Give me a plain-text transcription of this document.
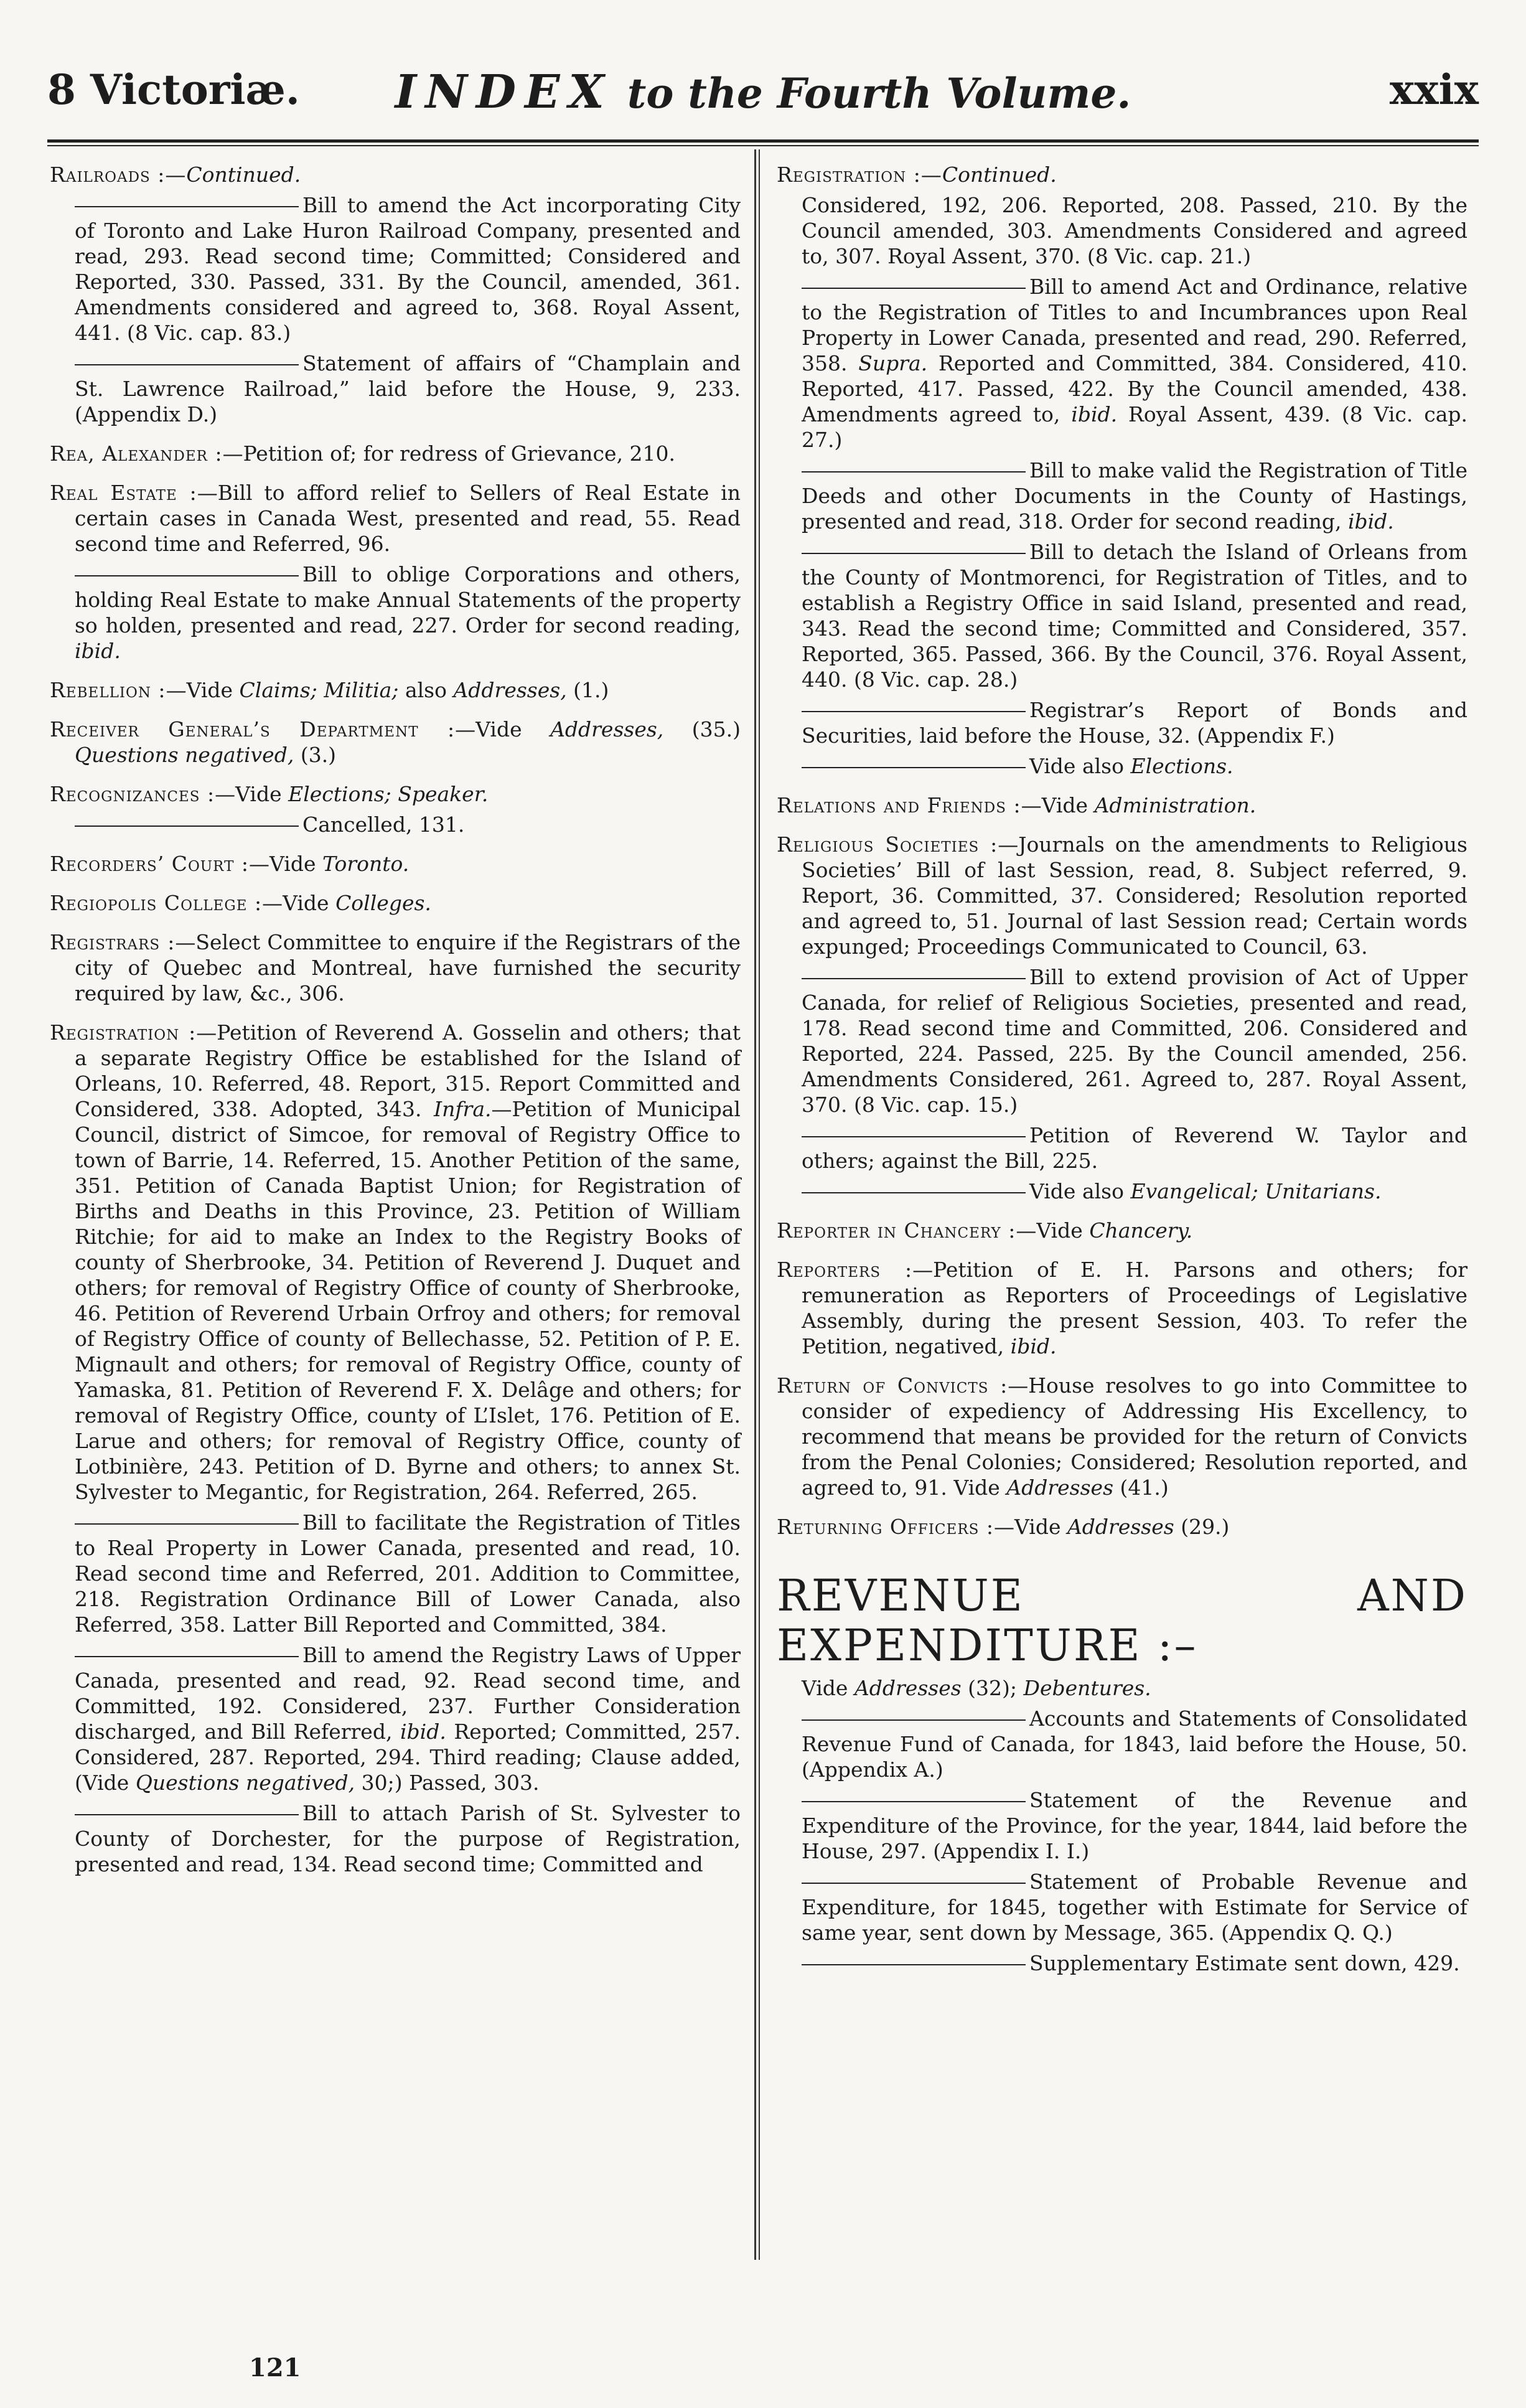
8 Victoriæ.	INDEX to the Fourth Volume.	xxix

Railroads :—Continued.

Bill to amend the Act incorporating City of Toronto and Lake Huron Railroad Company, presented and read, 293. Read second time; Committed; Considered and Reported, 330. Passed, 331. By the Council, amended, 361. Amendments considered and agreed to, 368. Royal Assent, 441. (8 Vic. cap. 83.)

Statement of affairs of “Champlain and St. Lawrence Railroad,” laid before the House, 9, 233. (Appendix D.)

Rea, Alexander :—Petition of; for redress of Grievance, 210.

Real Estate :—Bill to afford relief to Sellers of Real Estate in certain cases in Canada West, presented and read, 55. Read second time and Referred, 96.

Bill to oblige Corporations and others, holding Real Estate to make Annual Statements of the property so holden, presented and read, 227. Order for second reading, ibid.

Rebellion :—Vide Claims; Militia; also Addresses, (1.)

Receiver General’s Department :—Vide Addresses, (35.) Questions negatived, (3.)

Recognizances :—Vide Elections; Speaker.

Cancelled, 131.

Recorders’ Court :—Vide Toronto.

Regiopolis College :—Vide Colleges.

Registrars :—Select Committee to enquire if the Registrars of the city of Quebec and Montreal, have furnished the security required by law, &c., 306.

Registration :—Petition of Reverend A. Gosselin and others; that a separate Registry Office be established for the Island of Orleans, 10. Referred, 48. Report, 315. Report Committed and Considered, 338. Adopted, 343. Infra.—Petition of Municipal Council, district of Simcoe, for removal of Registry Office to town of Barrie, 14. Referred, 15. Another Petition of the same, 351. Petition of Canada Baptist Union; for Registration of Births and Deaths in this Province, 23. Petition of William Ritchie; for aid to make an Index to the Registry Books of county of Sherbrooke, 34. Petition of Reverend J. Duquet and others; for removal of Registry Office of county of Sherbrooke, 46. Petition of Reverend Urbain Orfroy and others; for removal of Registry Office of county of Bellechasse, 52. Petition of P. E. Mignault and others; for removal of Registry Office, county of Yamaska, 81. Petition of Reverend F. X. Delâge and others; for removal of Registry Office, county of L’Islet, 176. Petition of E. Larue and others; for removal of Registry Office, county of Lotbinière, 243. Petition of D. Byrne and others; to annex St. Sylvester to Megantic, for Registration, 264. Referred, 265.

Bill to facilitate the Registration of Titles to Real Property in Lower Canada, presented and read, 10. Read second time and Referred, 201. Addition to Committee, 218. Registration Ordinance Bill of Lower Canada, also Referred, 358. Latter Bill Reported and Committed, 384.

Bill to amend the Registry Laws of Upper Canada, presented and read, 92. Read second time, and Committed, 192. Considered, 237. Further Consideration discharged, and Bill Referred, ibid. Reported; Committed, 257. Considered, 287. Reported, 294. Third reading; Clause added, (Vide Questions negatived, 30;) Passed, 303.

Bill to attach Parish of St. Sylvester to County of Dorchester, for the purpose of Registration, presented and read, 134. Read second time; Committed and

121

Registration :—Continued.

Considered, 192, 206. Reported, 208. Passed, 210. By the Council amended, 303. Amendments Considered and agreed to, 307. Royal Assent, 370. (8 Vic. cap. 21.)

Bill to amend Act and Ordinance, relative to the Registration of Titles to and Incumbrances upon Real Property in Lower Canada, presented and read, 290. Referred, 358. Supra. Reported and Committed, 384. Considered, 410. Reported, 417. Passed, 422. By the Council amended, 438. Amendments agreed to, ibid. Royal Assent, 439. (8 Vic. cap. 27.)

Bill to make valid the Registration of Title Deeds and other Documents in the County of Hastings, presented and read, 318. Order for second reading, ibid.

Bill to detach the Island of Orleans from the County of Montmorenci, for Registration of Titles, and to establish a Registry Office in said Island, presented and read, 343. Read the second time; Committed and Considered, 357. Reported, 365. Passed, 366. By the Council, 376. Royal Assent, 440. (8 Vic. cap. 28.)

Registrar’s Report of Bonds and Securities, laid before the House, 32. (Appendix F.)

Vide also Elections.

Relations and Friends :—Vide Administration.

Religious Societies :—Journals on the amendments to Religious Societies’ Bill of last Session, read, 8. Subject referred, 9. Report, 36. Committed, 37. Considered; Resolution reported and agreed to, 51. Journal of last Session read; Certain words expunged; Proceedings Communicated to Council, 63.

Bill to extend provision of Act of Upper Canada, for relief of Religious Societies, presented and read, 178. Read second time and Committed, 206. Considered and Reported, 224. Passed, 225. By the Council amended, 256. Amendments Considered, 261. Agreed to, 287. Royal Assent, 370. (8 Vic. cap. 15.)

Petition of Reverend W. Taylor and others; against the Bill, 225.

Vide also Evangelical; Unitarians.

Reporter in Chancery :—Vide Chancery.

Reporters :—Petition of E. H. Parsons and others; for remuneration as Reporters of Proceedings of Legislative Assembly, during the present Session, 403. To refer the Petition, negatived, ibid.

Return of Convicts :—House resolves to go into Committee to consider of expediency of Addressing His Excellency, to recommend that means be provided for the return of Convicts from the Penal Colonies; Considered; Resolution reported, and agreed to, 91. Vide Addresses (41.)

Returning Officers :—Vide Addresses (29.)

REVENUE AND EXPENDITURE :–

Vide Addresses (32); Debentures.

Accounts and Statements of Consolidated Revenue Fund of Canada, for 1843, laid before the House, 50. (Appendix A.)

Statement of the Revenue and Expenditure of the Province, for the year, 1844, laid before the House, 297. (Appendix I. I.)

Statement of Probable Revenue and Expenditure, for 1845, together with Estimate for Service of same year, sent down by Message, 365. (Appendix Q. Q.)

Supplementary Estimate sent down, 429.
